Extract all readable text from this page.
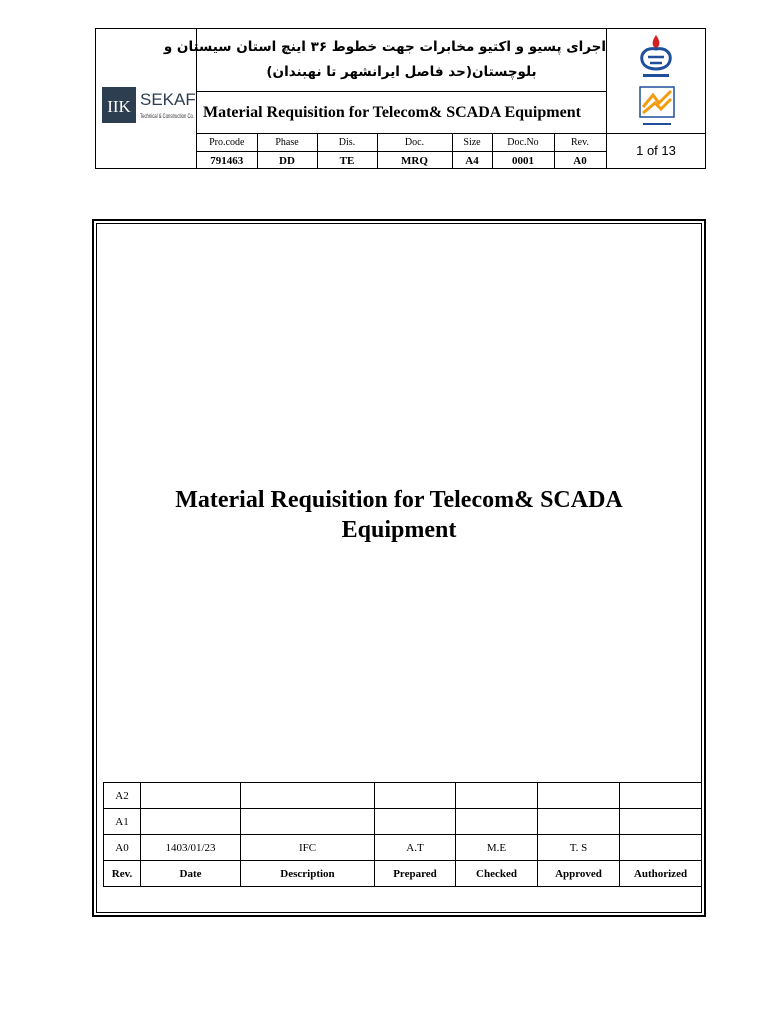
IIK SEKAF
Technical & Construction Co.
اجرای پسیو و اکتیو مخابرات جهت خطوط ۳۶ اینچ استان سیستان و
بلوچستان(حد فاصل ایرانشهر تا نهبندان)
Material Requisition for Telecom& SCADA Equipment
Pro.code	Phase	Dis.	Doc.	Size	Doc.No	Rev.
791463	DD	TE	MRQ	A4	0001	A0
1 of 13
Material Requisition for Telecom& SCADA
Equipment
A2						
A1						
A0	1403/01/23	IFC	A.T	M.E	T. S	
Rev.	Date	Description	Prepared	Checked	Approved	Authorized
